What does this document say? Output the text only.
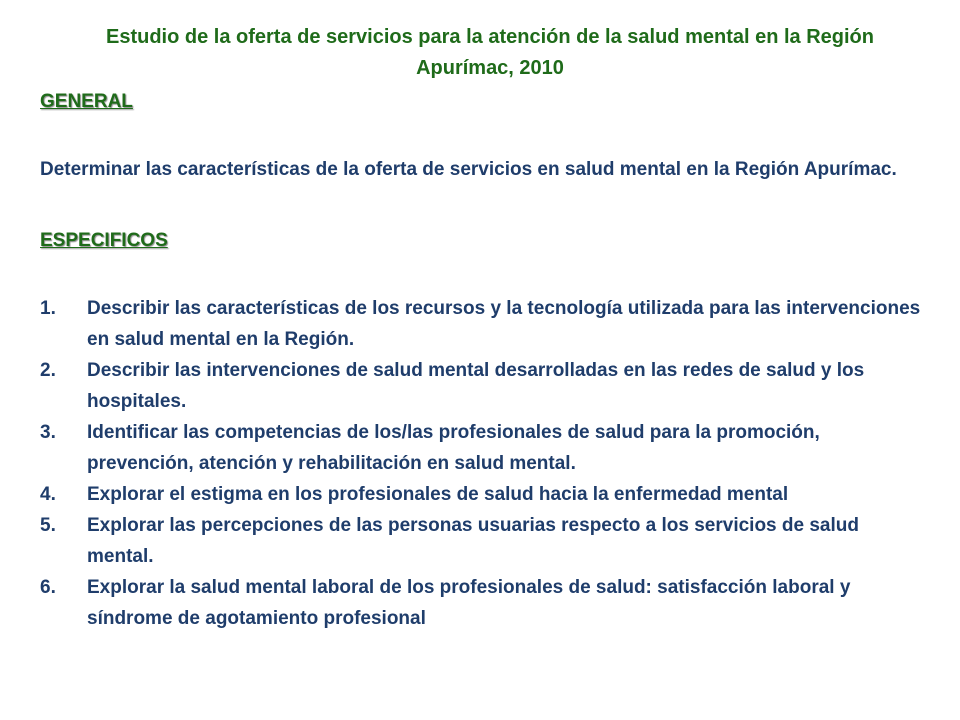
Estudio de la oferta de servicios para la atención de la salud mental en la Región Apurímac, 2010
GENERAL
Determinar las características de la oferta de servicios en salud mental en la Región Apurímac.
ESPECIFICOS
1. Describir las características de los recursos y la tecnología utilizada para las intervenciones en salud mental en la Región.
2. Describir las intervenciones de salud mental desarrolladas en las redes de salud y los hospitales.
3. Identificar las competencias de los/las profesionales de salud para la promoción, prevención, atención y rehabilitación en salud mental.
4. Explorar el estigma en los profesionales de salud hacia la enfermedad mental
5. Explorar las percepciones de las personas usuarias respecto a los servicios de salud mental.
6. Explorar la salud mental laboral de los profesionales de salud: satisfacción laboral y síndrome de agotamiento profesional
